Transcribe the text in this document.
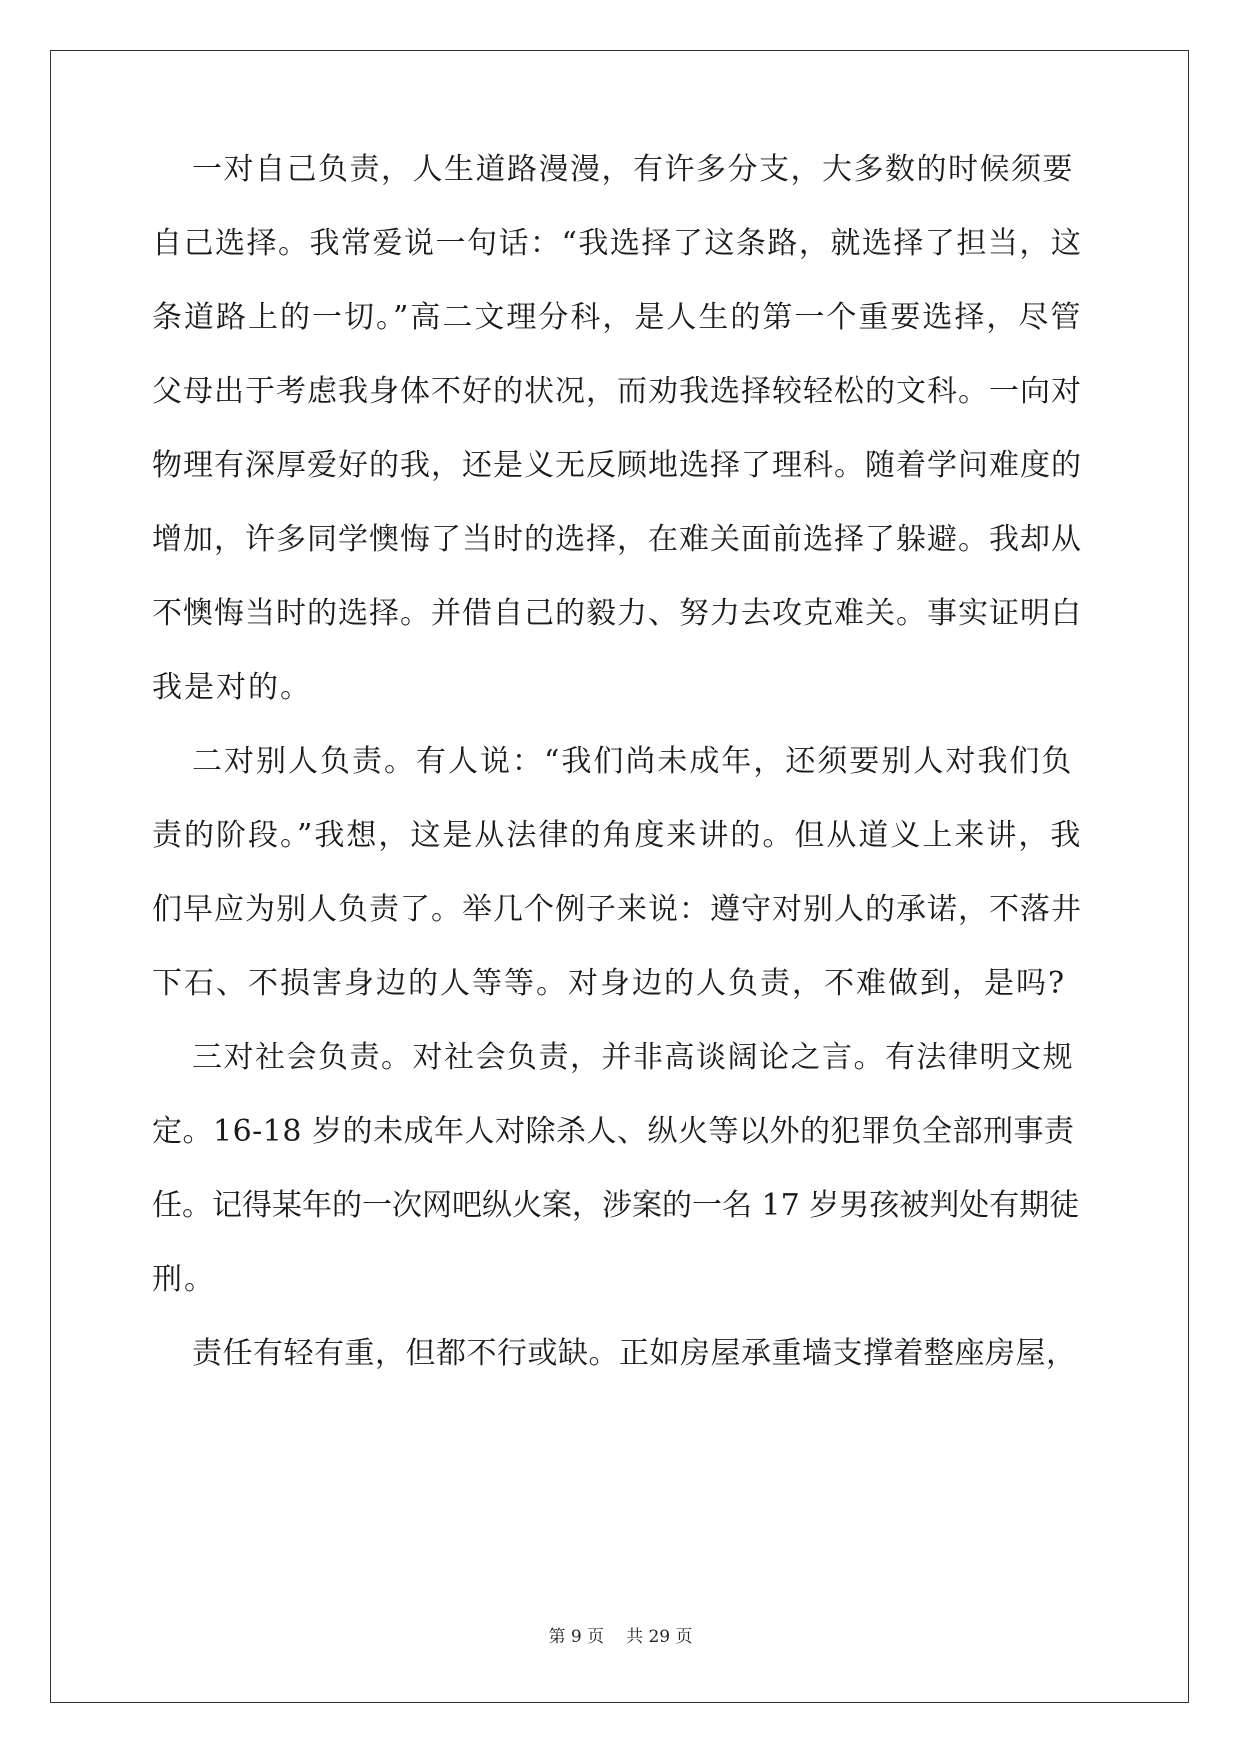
一对自己负责，人生道路漫漫，有许多分支，大多数的时候须要
自己选择。我常爱说一句话：“我选择了这条路，就选择了担当，这
条道路上的一切。”高二文理分科，是人生的第一个重要选择，尽管
父母出于考虑我身体不好的状况，而劝我选择较轻松的文科。一向对
物理有深厚爱好的我，还是义无反顾地选择了理科。随着学问难度的
增加，许多同学懊悔了当时的选择，在难关面前选择了躲避。我却从
不懊悔当时的选择。并借自己的毅力、努力去攻克难关。事实证明白
我是对的。
二对别人负责。有人说：“我们尚未成年，还须要别人对我们负
责的阶段。”我想，这是从法律的角度来讲的。但从道义上来讲，我
们早应为别人负责了。举几个例子来说：遵守对别人的承诺，不落井
下石、不损害身边的人等等。对身边的人负责，不难做到，是吗?
三对社会负责。对社会负责，并非高谈阔论之言。有法律明文规
定。16-18 岁的未成年人对除杀人、纵火等以外的犯罪负全部刑事责
任。记得某年的一次网吧纵火案，涉案的一名 17 岁男孩被判处有期徒
刑。
责任有轻有重，但都不行或缺。正如房屋承重墙支撑着整座房屋，
第 9 页 共 29 页
